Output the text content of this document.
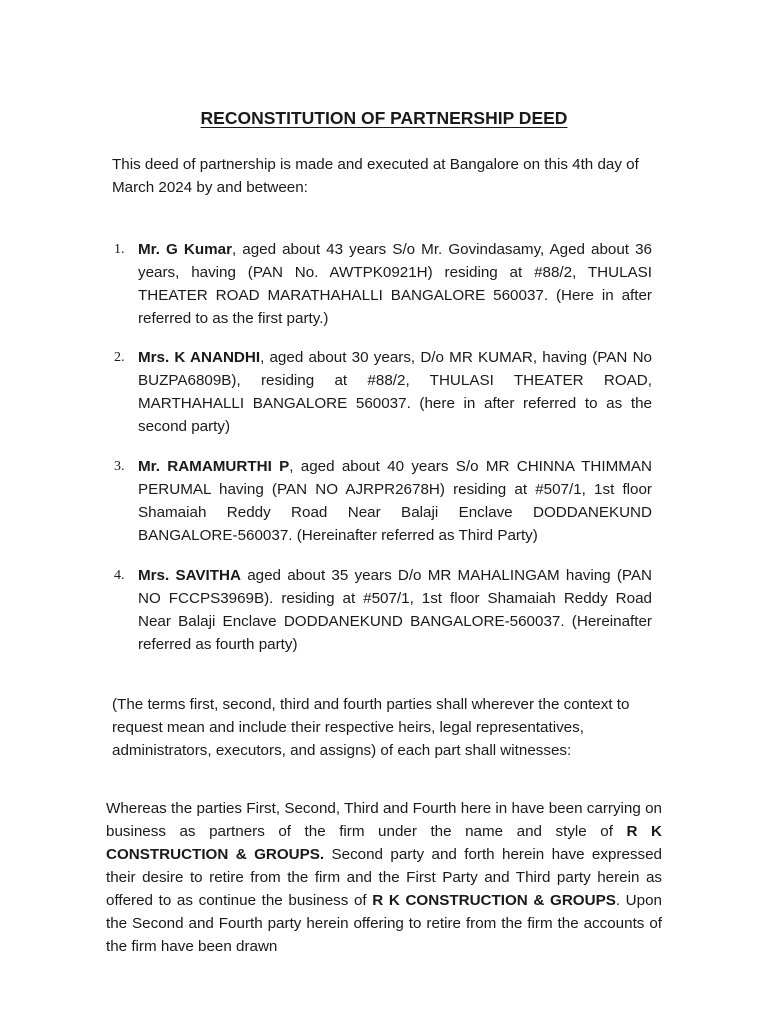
RECONSTITUTION OF PARTNERSHIP DEED

This deed of partnership is made and executed at Bangalore on this 4th day of March 2024 by and between:

1. Mr. G Kumar, aged about 43 years S/o Mr. Govindasamy, Aged about 36 years, having (PAN No. AWTPK0921H) residing at #88/2, THULASI THEATER ROAD MARATHAHALLI BANGALORE 560037. (Here in after referred to as the first party.)
2. Mrs. K ANANDHI, aged about 30 years, D/o MR KUMAR, having (PAN No BUZPA6809B), residing at #88/2, THULASI THEATER ROAD, MARTHAHALLI BANGALORE 560037. (here in after referred to as the second party)
3. Mr. RAMAMURTHI P, aged about 40 years S/o MR CHINNA THIMMAN PERUMAL having (PAN NO AJRPR2678H) residing at #507/1, 1st floor Shamaiah Reddy Road Near Balaji Enclave DODDANEKUND BANGALORE-560037. (Hereinafter referred as Third Party)
4. Mrs. SAVITHA aged about 35 years D/o MR MAHALINGAM having (PAN NO FCCPS3969B). residing at #507/1, 1st floor Shamaiah Reddy Road Near Balaji Enclave DODDANEKUND BANGALORE-560037. (Hereinafter referred as fourth party)

(The terms first, second, third and fourth parties shall wherever the context to request mean and include their respective heirs, legal representatives, administrators, executors, and assigns) of each part shall witnesses:

Whereas the parties First, Second, Third and Fourth here in have been carrying on business as partners of the firm under the name and style of R K CONSTRUCTION & GROUPS. Second party and forth herein have expressed their desire to retire from the firm and the First Party and Third party herein as offered to as continue the business of R K CONSTRUCTION & GROUPS. Upon the Second and Fourth party herein offering to retire from the firm the accounts of the firm have been drawn
